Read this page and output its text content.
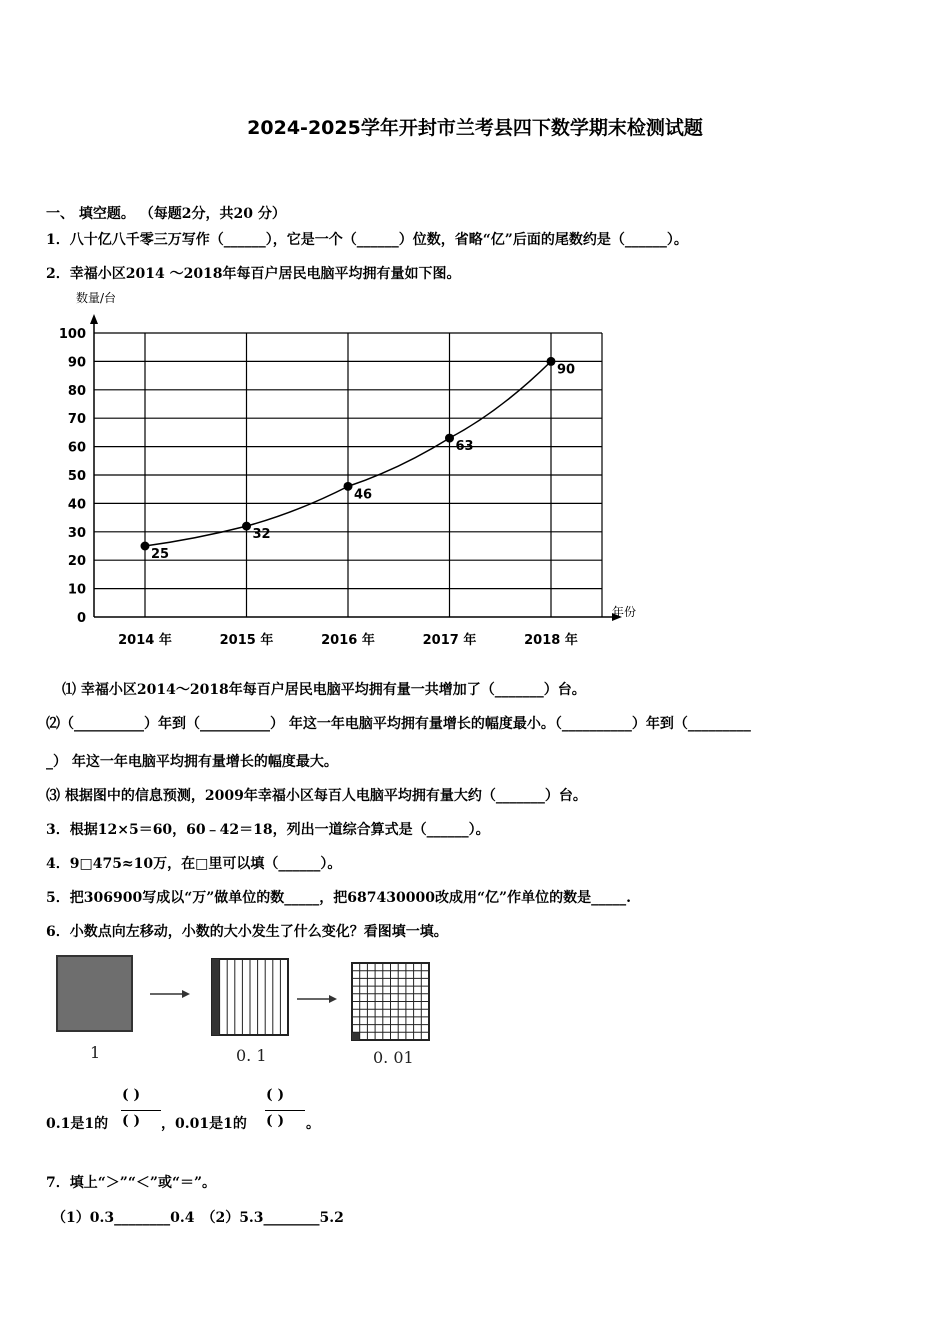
2024-2025学年开封市兰考县四下数学期末检测试题
一、 填空题。 （每题2分，共20 分）
1．八十亿八千零三万写作（______），它是一个（______）位数，省略“亿”后面的尾数约是（______）。
2．幸福小区2014 ～2018年每百户居民电脑平均拥有量如下图。
数量/台
年份
0
10
20
30
40
50
60
70
80
90
100
2014 年	2015 年	2016 年	2017 年	2018 年
25
32
46
63
90
⑴ 幸福小区2014～2018年每百户居民电脑平均拥有量一共增加了（_______）台。
⑵（__________）年到（__________） 年这一年电脑平均拥有量增长的幅度最小。（__________）年到（_________
_） 年这一年电脑平均拥有量增长的幅度最大。
⑶ 根据图中的信息预测，2009年幸福小区每百人电脑平均拥有量大约（_______）台。
3．根据12×5＝60，60﹣42＝18，列出一道综合算式是（______）。
4．9□475≈10万，在□里可以填（______）。
5．把306900写成以“万”做单位的数_____，把687430000改成用“亿”作单位的数是_____.
6．小数点向左移动，小数的大小发生了什么变化？看图填一填。
1	0. 1	0. 01
( )	( )
0.1是1的 ( ) ，0.01是1的 ( ) 。
7．填上“＞”“＜”或“＝”。
（1）0.3________0.4　（2）5.3________5.2
